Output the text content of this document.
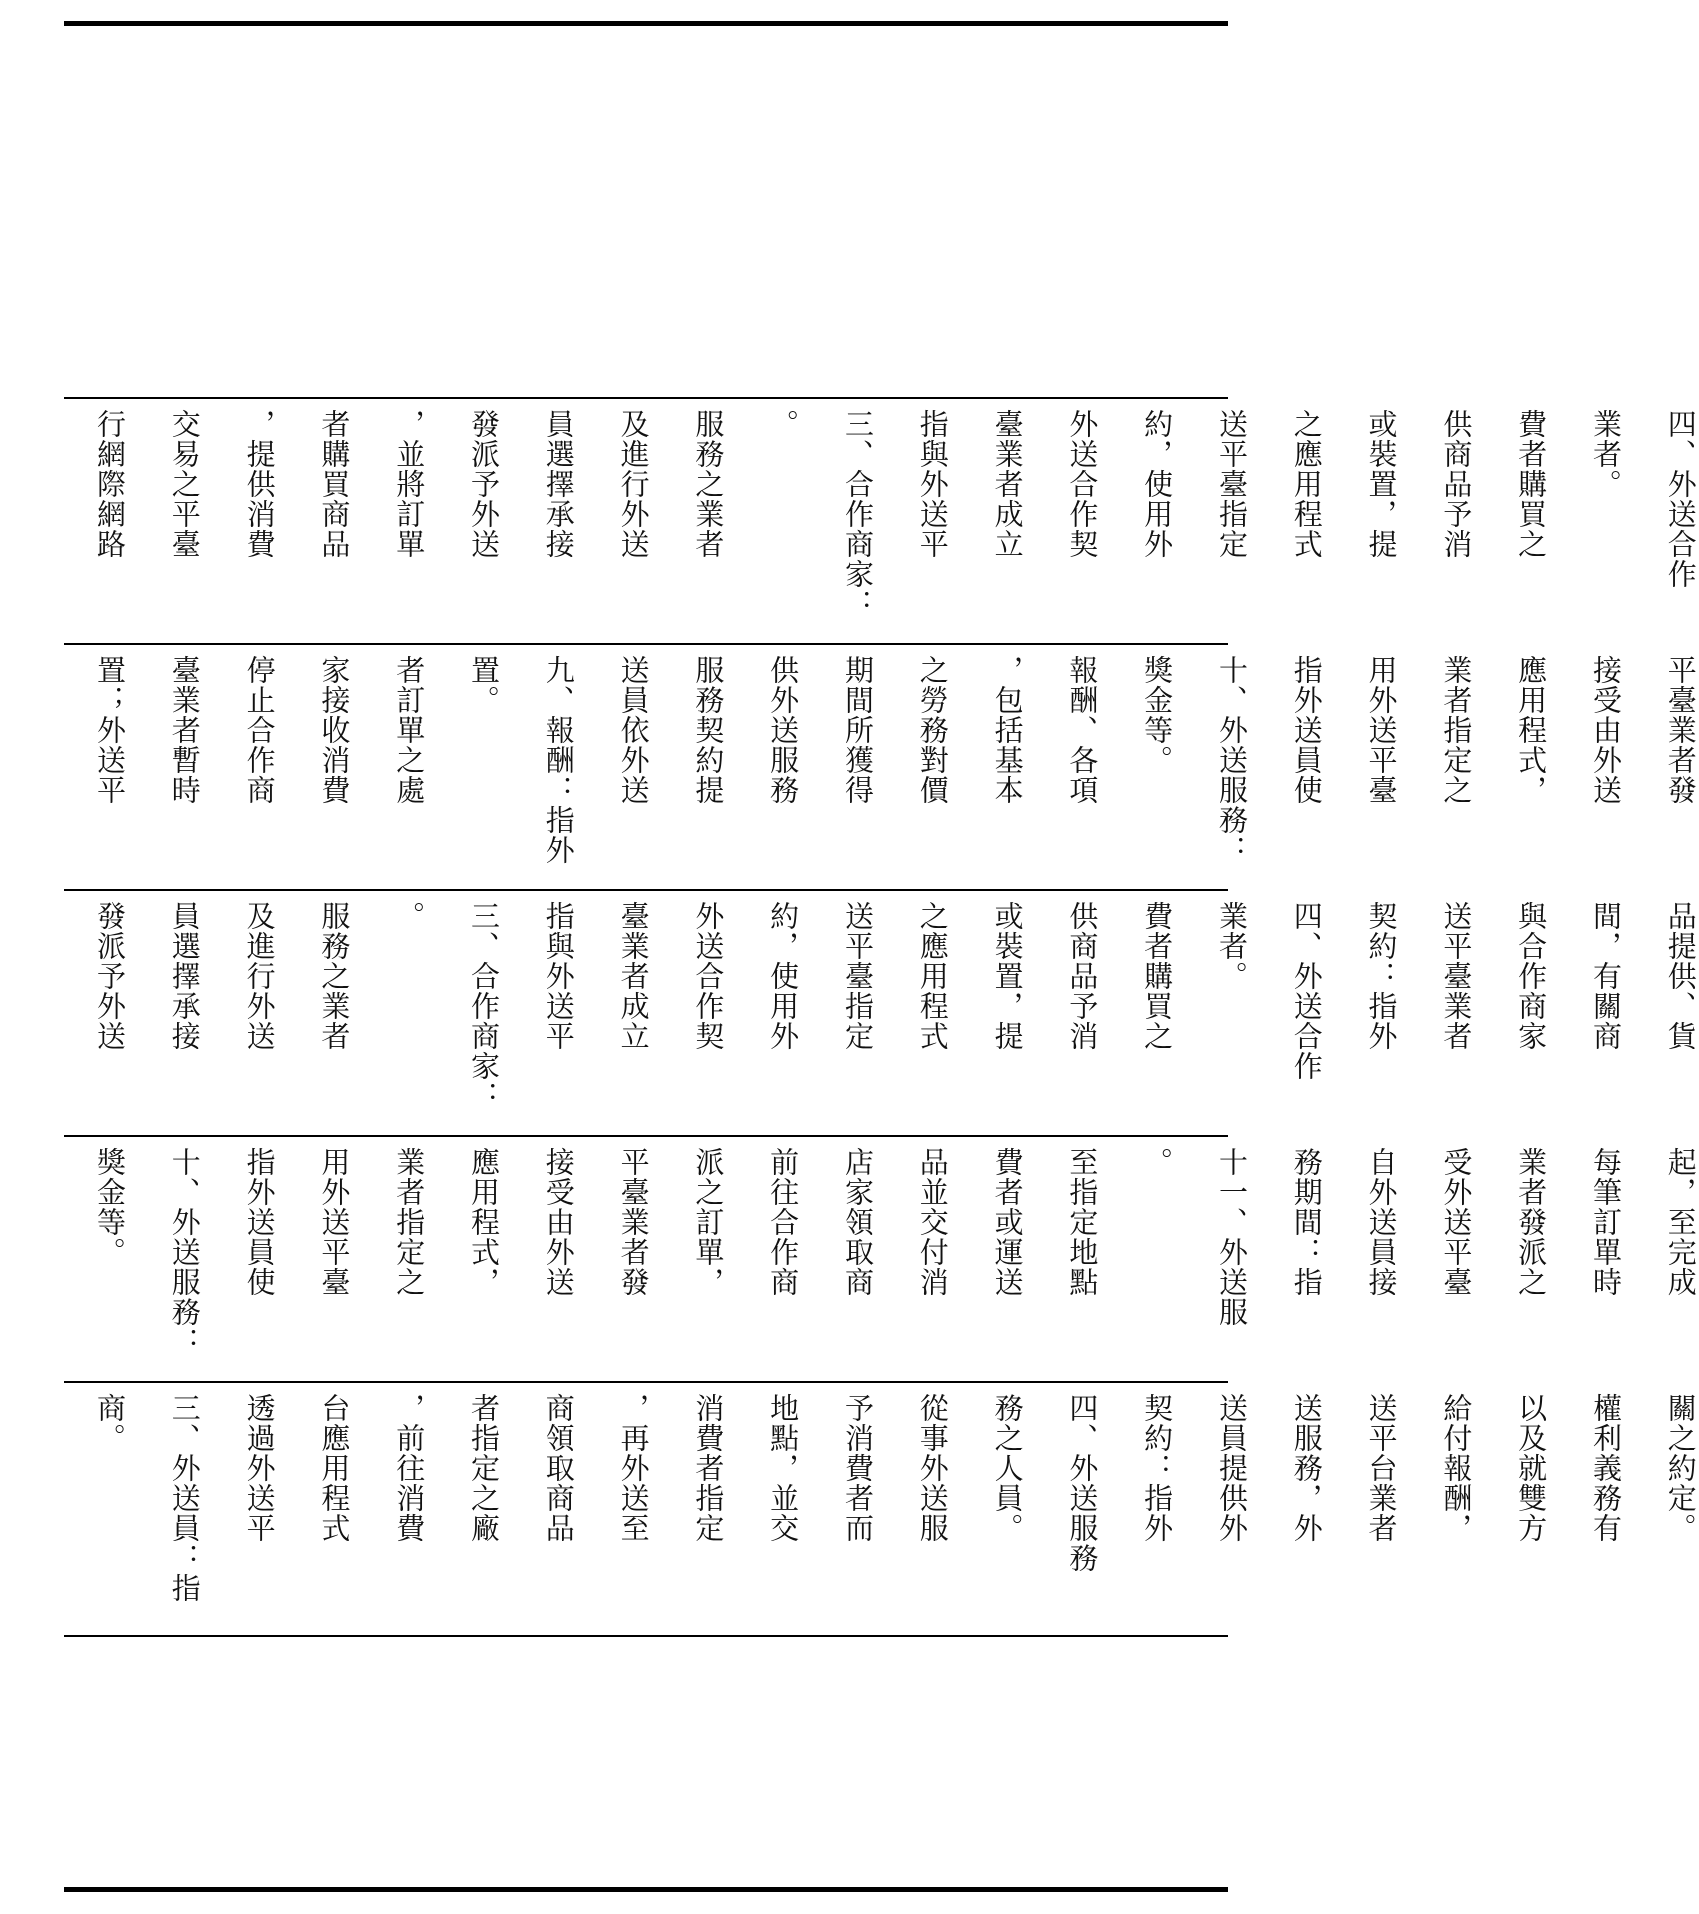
行網際網路 交易之平臺 ，提供消費 者購買商品 ，並將訂單 發派予外送 員選擇承接 及進行外送 服務之業者 。 三、合作商家： 指與外送平 臺業者成立 外送合作契 約，使用外 送平臺指定 之應用程式 或裝置，提 供商品予消 費者購買之 業者。 四、外送合作
置；外送平 臺業者暫時 停止合作商 家接收消費 者訂單之處 置。 九、報酬：指外 送員依外送 服務契約提 供外送服務 期間所獲得 之勞務對價 ，包括基本 報酬、各項 獎金等。 十、外送服務： 指外送員使 用外送平臺 業者指定之 應用程式， 接受由外送 平臺業者發
發派予外送 員選擇承接 及進行外送 服務之業者 。 三、合作商家： 指與外送平 臺業者成立 外送合作契 約，使用外 送平臺指定 之應用程式 或裝置，提 供商品予消 費者購買之 業者。 四、外送合作 契約：指外 送平臺業者 與合作商家 間，有關商 品提供、貨
獎金等。 十、外送服務： 指外送員使 用外送平臺 業者指定之 應用程式， 接受由外送 平臺業者發 派之訂單， 前往合作商 店家領取商 品並交付消 費者或運送 至指定地點 。 十一、外送服 務期間：指 自外送員接 受外送平臺 業者發派之 每筆訂單時 起，至完成
商。 三、外送員：指 透過外送平 台應用程式 ，前往消費 者指定之廠 商領取商品 ，再外送至 消費者指定 地點，並交 予消費者而 從事外送服 務之人員。 四、外送服務 契約：指外 送員提供外 送服務，外 送平台業者 給付報酬， 以及就雙方 權利義務有 關之約定。
